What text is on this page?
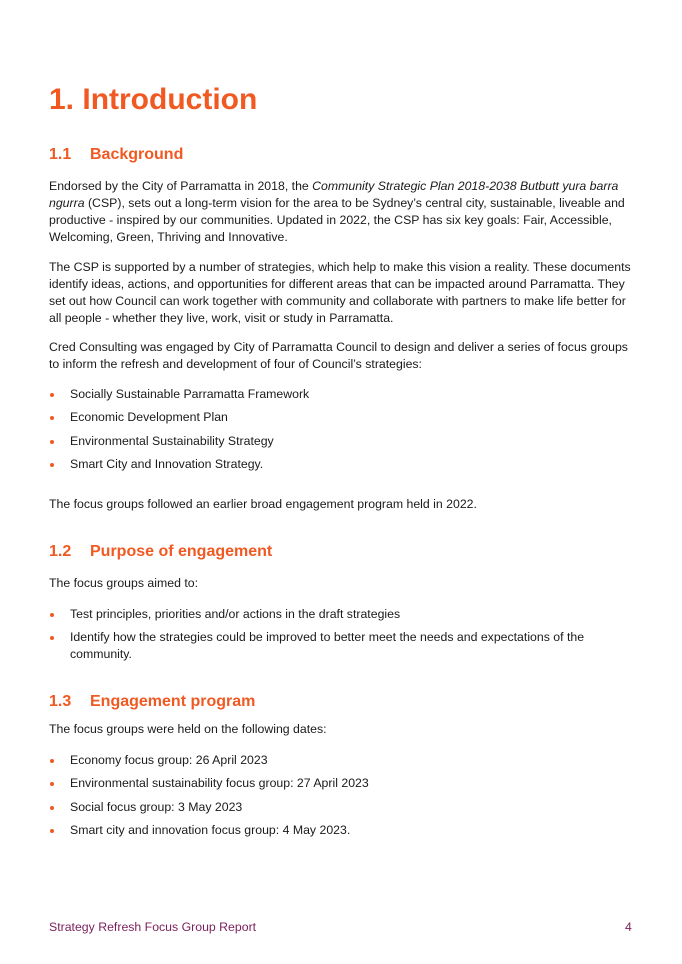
1. Introduction
1.1 Background

Endorsed by the City of Parramatta in 2018, the Community Strategic Plan 2018-2038 Butbutt yura barra ngurra (CSP), sets out a long-term vision for the area to be Sydney’s central city, sustainable, liveable and productive - inspired by our communities. Updated in 2022, the CSP has six key goals: Fair, Accessible, Welcoming, Green, Thriving and Innovative.

The CSP is supported by a number of strategies, which help to make this vision a reality. These documents identify ideas, actions, and opportunities for different areas that can be impacted around Parramatta. They set out how Council can work together with community and collaborate with partners to make life better for all people - whether they live, work, visit or study in Parramatta.

Cred Consulting was engaged by City of Parramatta Council to design and deliver a series of focus groups to inform the refresh and development of four of Council’s strategies:

Socially Sustainable Parramatta Framework
Economic Development Plan
Environmental Sustainability Strategy
Smart City and Innovation Strategy.

The focus groups followed an earlier broad engagement program held in 2022.

1.2 Purpose of engagement

The focus groups aimed to:

Test principles, priorities and/or actions in the draft strategies
Identify how the strategies could be improved to better meet the needs and expectations of the community.
1.3 Engagement program

The focus groups were held on the following dates:

Economy focus group: 26 April 2023
Environmental sustainability focus group: 27 April 2023
Social focus group: 3 May 2023
Smart city and innovation focus group: 4 May 2023.
Strategy Refresh Focus Group Report	4
